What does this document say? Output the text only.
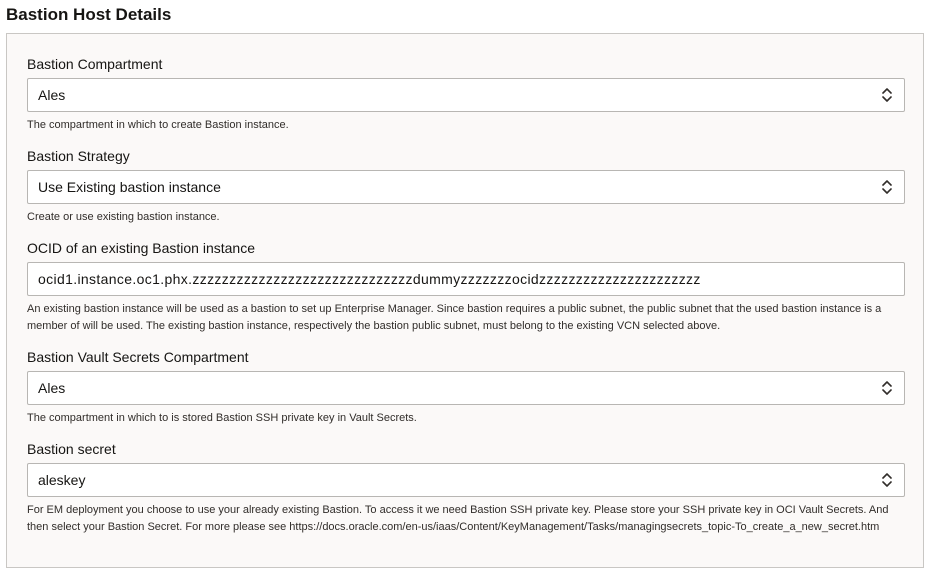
Bastion Host Details
Bastion Compartment
Ales
The compartment in which to create Bastion instance.
Bastion Strategy
Use Existing bastion instance
Create or use existing bastion instance.
OCID of an existing Bastion instance
ocid1.instance.oc1.phx.zzzzzzzzzzzzzzzzzzzzzzzzzzzzzzdummyzzzzzzzocidzzzzzzzzzzzzzzzzzzzzzz
An existing bastion instance will be used as a bastion to set up Enterprise Manager. Since bastion requires a public subnet, the public subnet that the used bastion instance is a member of will be used. The existing bastion instance, respectively the bastion public subnet, must belong to the existing VCN selected above.
Bastion Vault Secrets Compartment
Ales
The compartment in which to is stored Bastion SSH private key in Vault Secrets.
Bastion secret
aleskey
For EM deployment you choose to use your already existing Bastion. To access it we need Bastion SSH private key. Please store your SSH private key in OCI Vault Secrets. And then select your Bastion Secret. For more please see https://docs.oracle.com/en-us/iaas/Content/KeyManagement/Tasks/managingsecrets_topic-To_create_a_new_secret.htm
